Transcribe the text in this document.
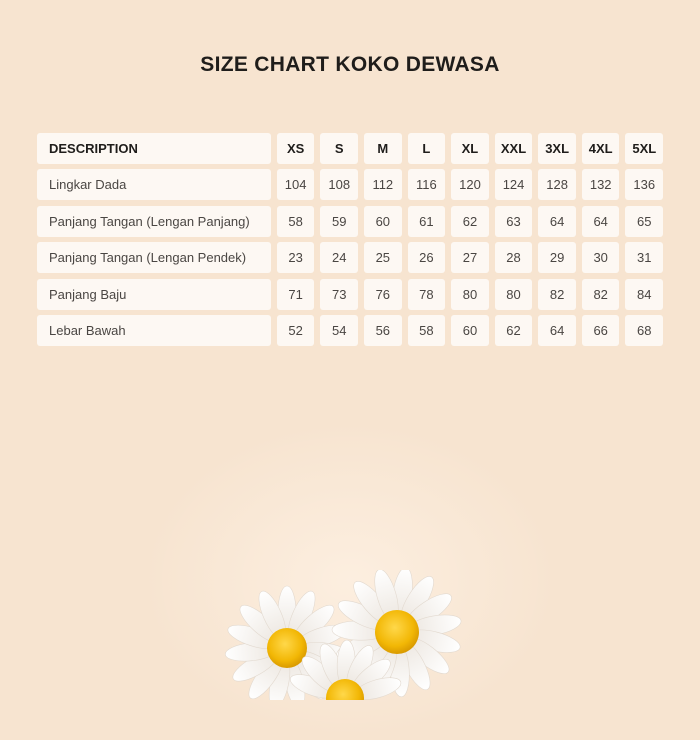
SIZE CHART KOKO DEWASA
DESCRIPTION	XS	S	M	L	XL	XXL	3XL	4XL	5XL
Lingkar Dada	104	108	112	116	120	124	128	132	136
Panjang Tangan (Lengan Panjang)	58	59	60	61	62	63	64	64	65
Panjang Tangan (Lengan Pendek)	23	24	25	26	27	28	29	30	31
Panjang Baju	71	73	76	78	80	80	82	82	84
Lebar Bawah	52	54	56	58	60	62	64	66	68
